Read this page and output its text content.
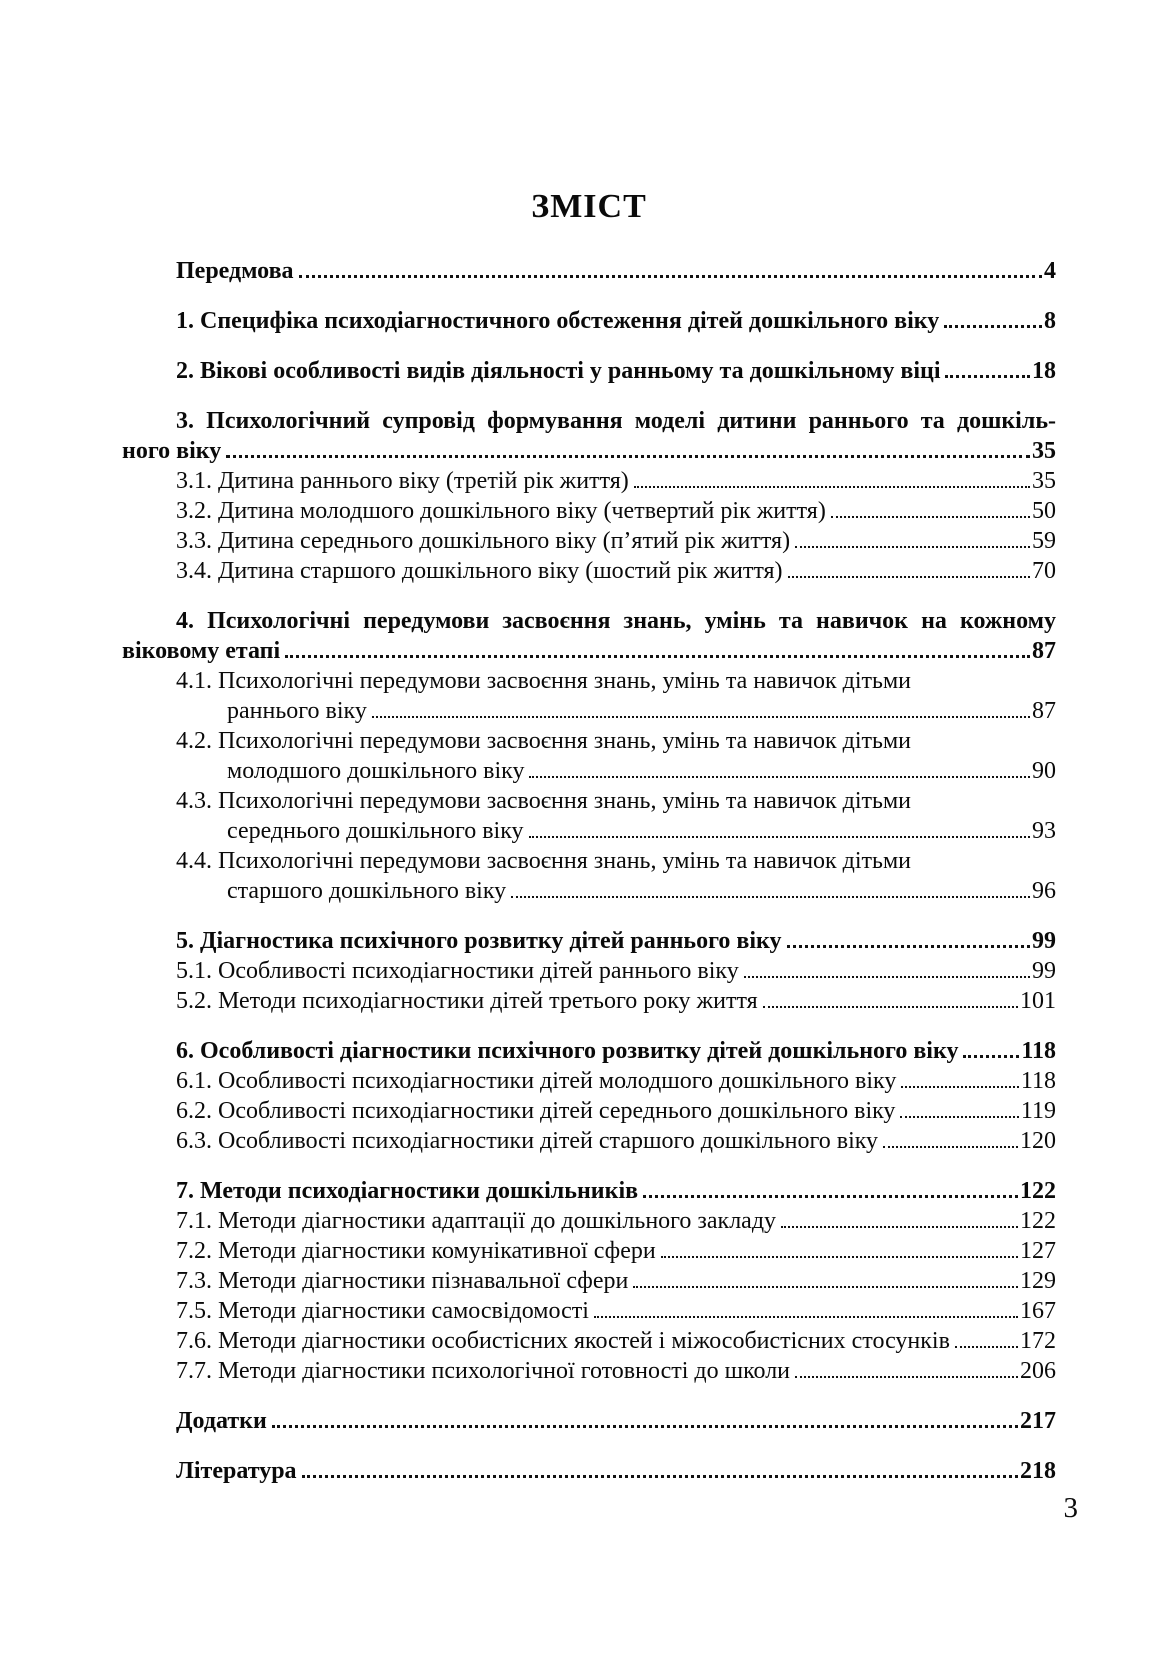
ЗМІСТ
Передмова	4
1. Специфіка психодіагностичного обстеження дітей дошкільного віку	8
2. Вікові особливості видів діяльності у ранньому та дошкільному віці	18
3. Психологічний супровід формування моделі дитини раннього та дошкіль-
ного віку	35
3.1. Дитина раннього віку (третій рік життя)	35
3.2. Дитина молодшого дошкільного віку (четвертий рік життя)	50
3.3. Дитина середнього дошкільного віку (п’ятий рік життя)	59
3.4. Дитина старшого дошкільного віку (шостий рік життя)	70
4. Психологічні передумови засвоєння знань, умінь та навичок на кожному
віковому етапі	87
4.1. Психологічні передумови засвоєння знань, умінь та навичок дітьми
раннього віку	87
4.2. Психологічні передумови засвоєння знань, умінь та навичок дітьми
молодшого дошкільного віку	90
4.3. Психологічні передумови засвоєння знань, умінь та навичок дітьми
середнього дошкільного віку	93
4.4. Психологічні передумови засвоєння знань, умінь та навичок дітьми
старшого дошкільного віку	96
5. Діагностика психічного розвитку дітей раннього віку	99
5.1. Особливості психодіагностики дітей раннього віку	99
5.2. Методи психодіагностики дітей третього року життя	101
6. Особливості діагностики психічного розвитку дітей дошкільного віку	118
6.1. Особливості психодіагностики дітей молодшого дошкільного віку	118
6.2. Особливості психодіагностики дітей середнього дошкільного віку	119
6.3. Особливості психодіагностики дітей старшого дошкільного віку	120
7. Методи психодіагностики дошкільників	122
7.1. Методи діагностики адаптації до дошкільного закладу	122
7.2. Методи діагностики комунікативної сфери	127
7.3. Методи діагностики пізнавальної сфери	129
7.5. Методи діагностики самосвідомості	167
7.6. Методи діагностики особистісних якостей і міжособистісних стосунків	172
7.7. Методи діагностики психологічної готовності до школи	206
Додатки	217
Література	218
3
